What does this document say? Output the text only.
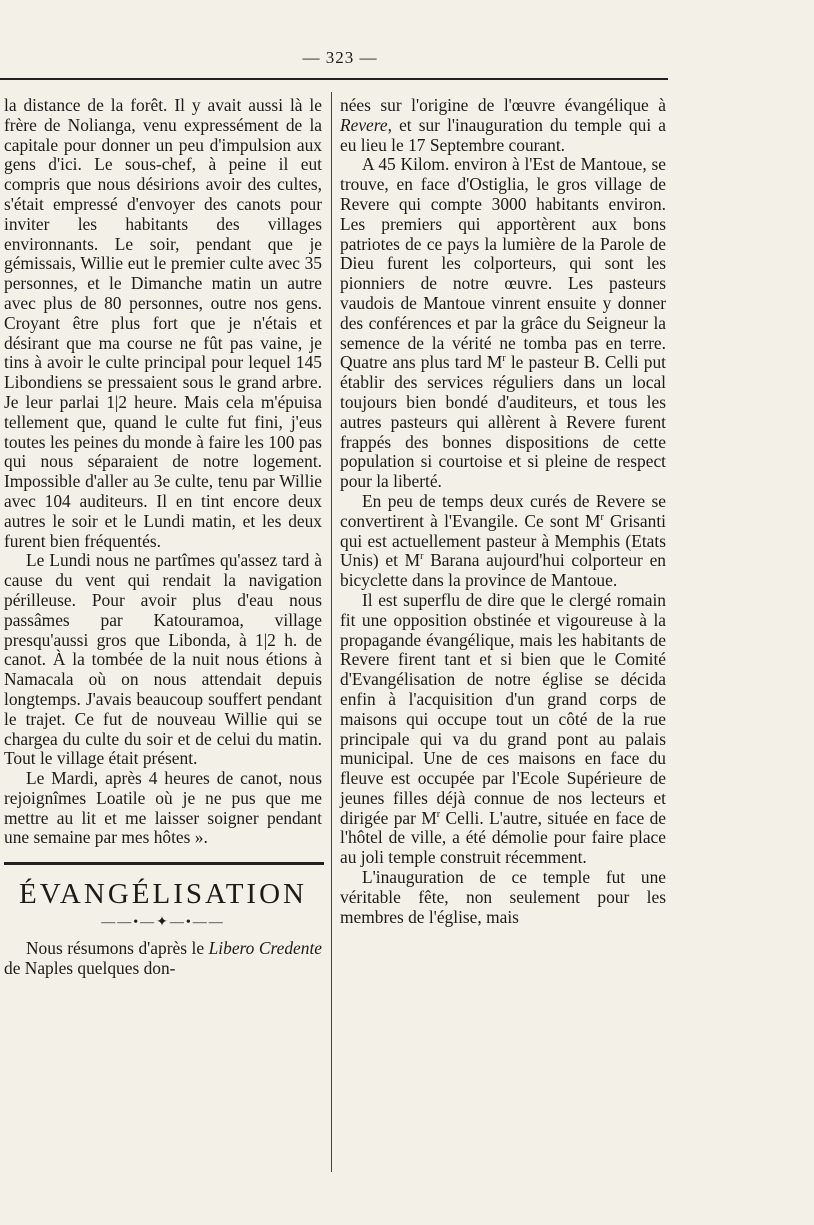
— 323 —

la distance de la forêt. Il y avait aussi là le frère de Nolianga, venu expressément de la capitale pour donner un peu d'impulsion aux gens d'ici. Le sous-chef, à peine il eut compris que nous désirions avoir des cultes, s'était empressé d'envoyer des canots pour inviter les habitants des villages environnants. Le soir, pendant que je gémissais, Willie eut le premier culte avec 35 personnes, et le Dimanche matin un autre avec plus de 80 personnes, outre nos gens. Croyant être plus fort que je n'étais et désirant que ma course ne fût pas vaine, je tins à avoir le culte principal pour lequel 145 Libondiens se pressaient sous le grand arbre. Je leur parlai 1|2 heure. Mais cela m'épuisa tellement que, quand le culte fut fini, j'eus toutes les peines du monde à faire les 100 pas qui nous séparaient de notre logement. Impossible d'aller au 3e culte, tenu par Willie avec 104 auditeurs. Il en tint encore deux autres le soir et le Lundi matin, et les deux furent bien fréquentés.

Le Lundi nous ne partîmes qu'assez tard à cause du vent qui rendait la navigation périlleuse. Pour avoir plus d'eau nous passâmes par Katouramoa, village presqu'aussi gros que Libonda, à 1|2 h. de canot. À la tombée de la nuit nous étions à Namacala où on nous attendait depuis longtemps. J'avais beaucoup souffert pendant le trajet. Ce fut de nouveau Willie qui se chargea du culte du soir et de celui du matin. Tout le village était présent.

Le Mardi, après 4 heures de canot, nous rejoignîmes Loatile où je ne pus que me mettre au lit et me laisser soigner pendant une semaine par mes hôtes ».

ÉVANGÉLISATION
——•—✦—•——

Nous résumons d'après le Libero Credente de Naples quelques don-

nées sur l'origine de l'œuvre évangélique à Revere, et sur l'inauguration du temple qui a eu lieu le 17 Septembre courant.

A 45 Kilom. environ à l'Est de Mantoue, se trouve, en face d'Ostiglia, le gros village de Revere qui compte 3000 habitants environ. Les premiers qui apportèrent aux bons patriotes de ce pays la lumière de la Parole de Dieu furent les colporteurs, qui sont les pionniers de notre œuvre. Les pasteurs vaudois de Mantoue vinrent ensuite y donner des conférences et par la grâce du Seigneur la semence de la vérité ne tomba pas en terre. Quatre ans plus tard $M^r$ le pasteur B. Celli put établir des services réguliers dans un local toujours bien bondé d'auditeurs, et tous les autres pasteurs qui allèrent à Revere furent frappés des bonnes dispositions de cette population si courtoise et si pleine de respect pour la liberté.

En peu de temps deux curés de Revere se convertirent à l'Evangile. Ce sont $M^r$ Grisanti qui est actuellement pasteur à Memphis (Etats Unis) et $M^r$ Barana aujourd'hui colporteur en bicyclette dans la province de Mantoue.

Il est superflu de dire que le clergé romain fit une opposition obstinée et vigoureuse à la propagande évangélique, mais les habitants de Revere firent tant et si bien que le Comité d'Evangélisation de notre église se décida enfin à l'acquisition d'un grand corps de maisons qui occupe tout un côté de la rue principale qui va du grand pont au palais municipal. Une de ces maisons en face du fleuve est occupée par l'Ecole Supérieure de jeunes filles déjà connue de nos lecteurs et dirigée par $M^r$ Celli. L'autre, située en face de l'hôtel de ville, a été démolie pour faire place au joli temple construit récemment.

L'inauguration de ce temple fut une véritable fête, non seulement pour les membres de l'église, mais
